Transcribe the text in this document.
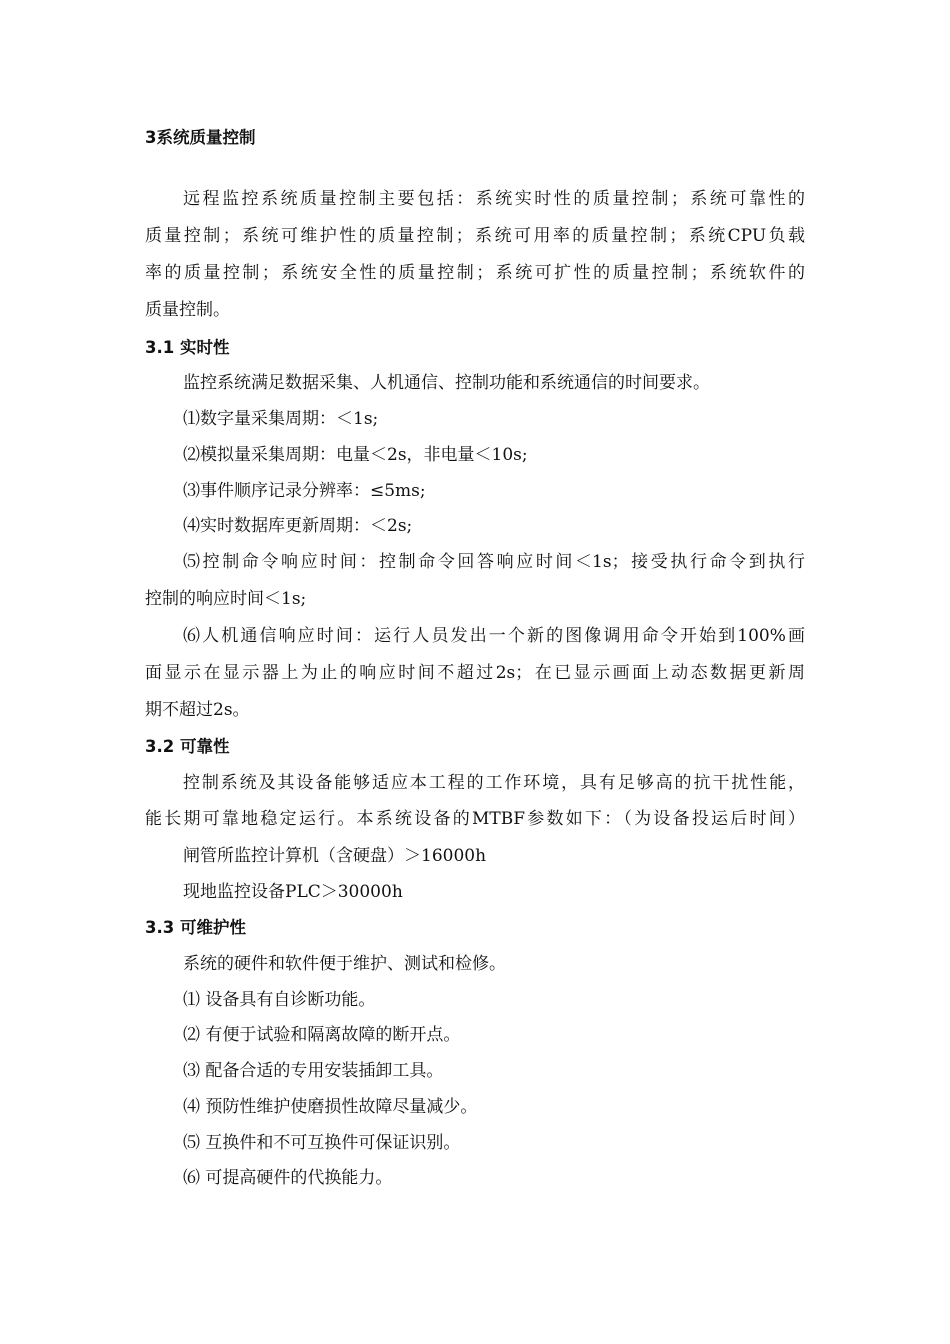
3系统质量控制
远程监控系统质量控制主要包括：系统实时性的质量控制；系统可靠性的
质量控制；系统可维护性的质量控制；系统可用率的质量控制；系统CPU负载
率的质量控制；系统安全性的质量控制；系统可扩性的质量控制；系统软件的
质量控制。
3.1 实时性
监控系统满足数据采集、人机通信、控制功能和系统通信的时间要求。
⑴数字量采集周期：＜1s;
⑵模拟量采集周期：电量＜2s，非电量＜10s;
⑶事件顺序记录分辨率：≤5ms;
⑷实时数据库更新周期：＜2s;
⑸控制命令响应时间：控制命令回答响应时间＜1s；接受执行命令到执行
控制的响应时间＜1s;
⑹人机通信响应时间：运行人员发出一个新的图像调用命令开始到100%画
面显示在显示器上为止的响应时间不超过2s；在已显示画面上动态数据更新周
期不超过2s。
3.2 可靠性
控制系统及其设备能够适应本工程的工作环境，具有足够高的抗干扰性能，
能长期可靠地稳定运行。本系统设备的MTBF参数如下：（为设备投运后时间）
闸管所监控计算机（含硬盘）＞16000h
现地监控设备PLC＞30000h
3.3 可维护性
系统的硬件和软件便于维护、测试和检修。
⑴ 设备具有自诊断功能。
⑵ 有便于试验和隔离故障的断开点。
⑶ 配备合适的专用安装插卸工具。
⑷ 预防性维护使磨损性故障尽量减少。
⑸ 互换件和不可互换件可保证识别。
⑹ 可提高硬件的代换能力。
